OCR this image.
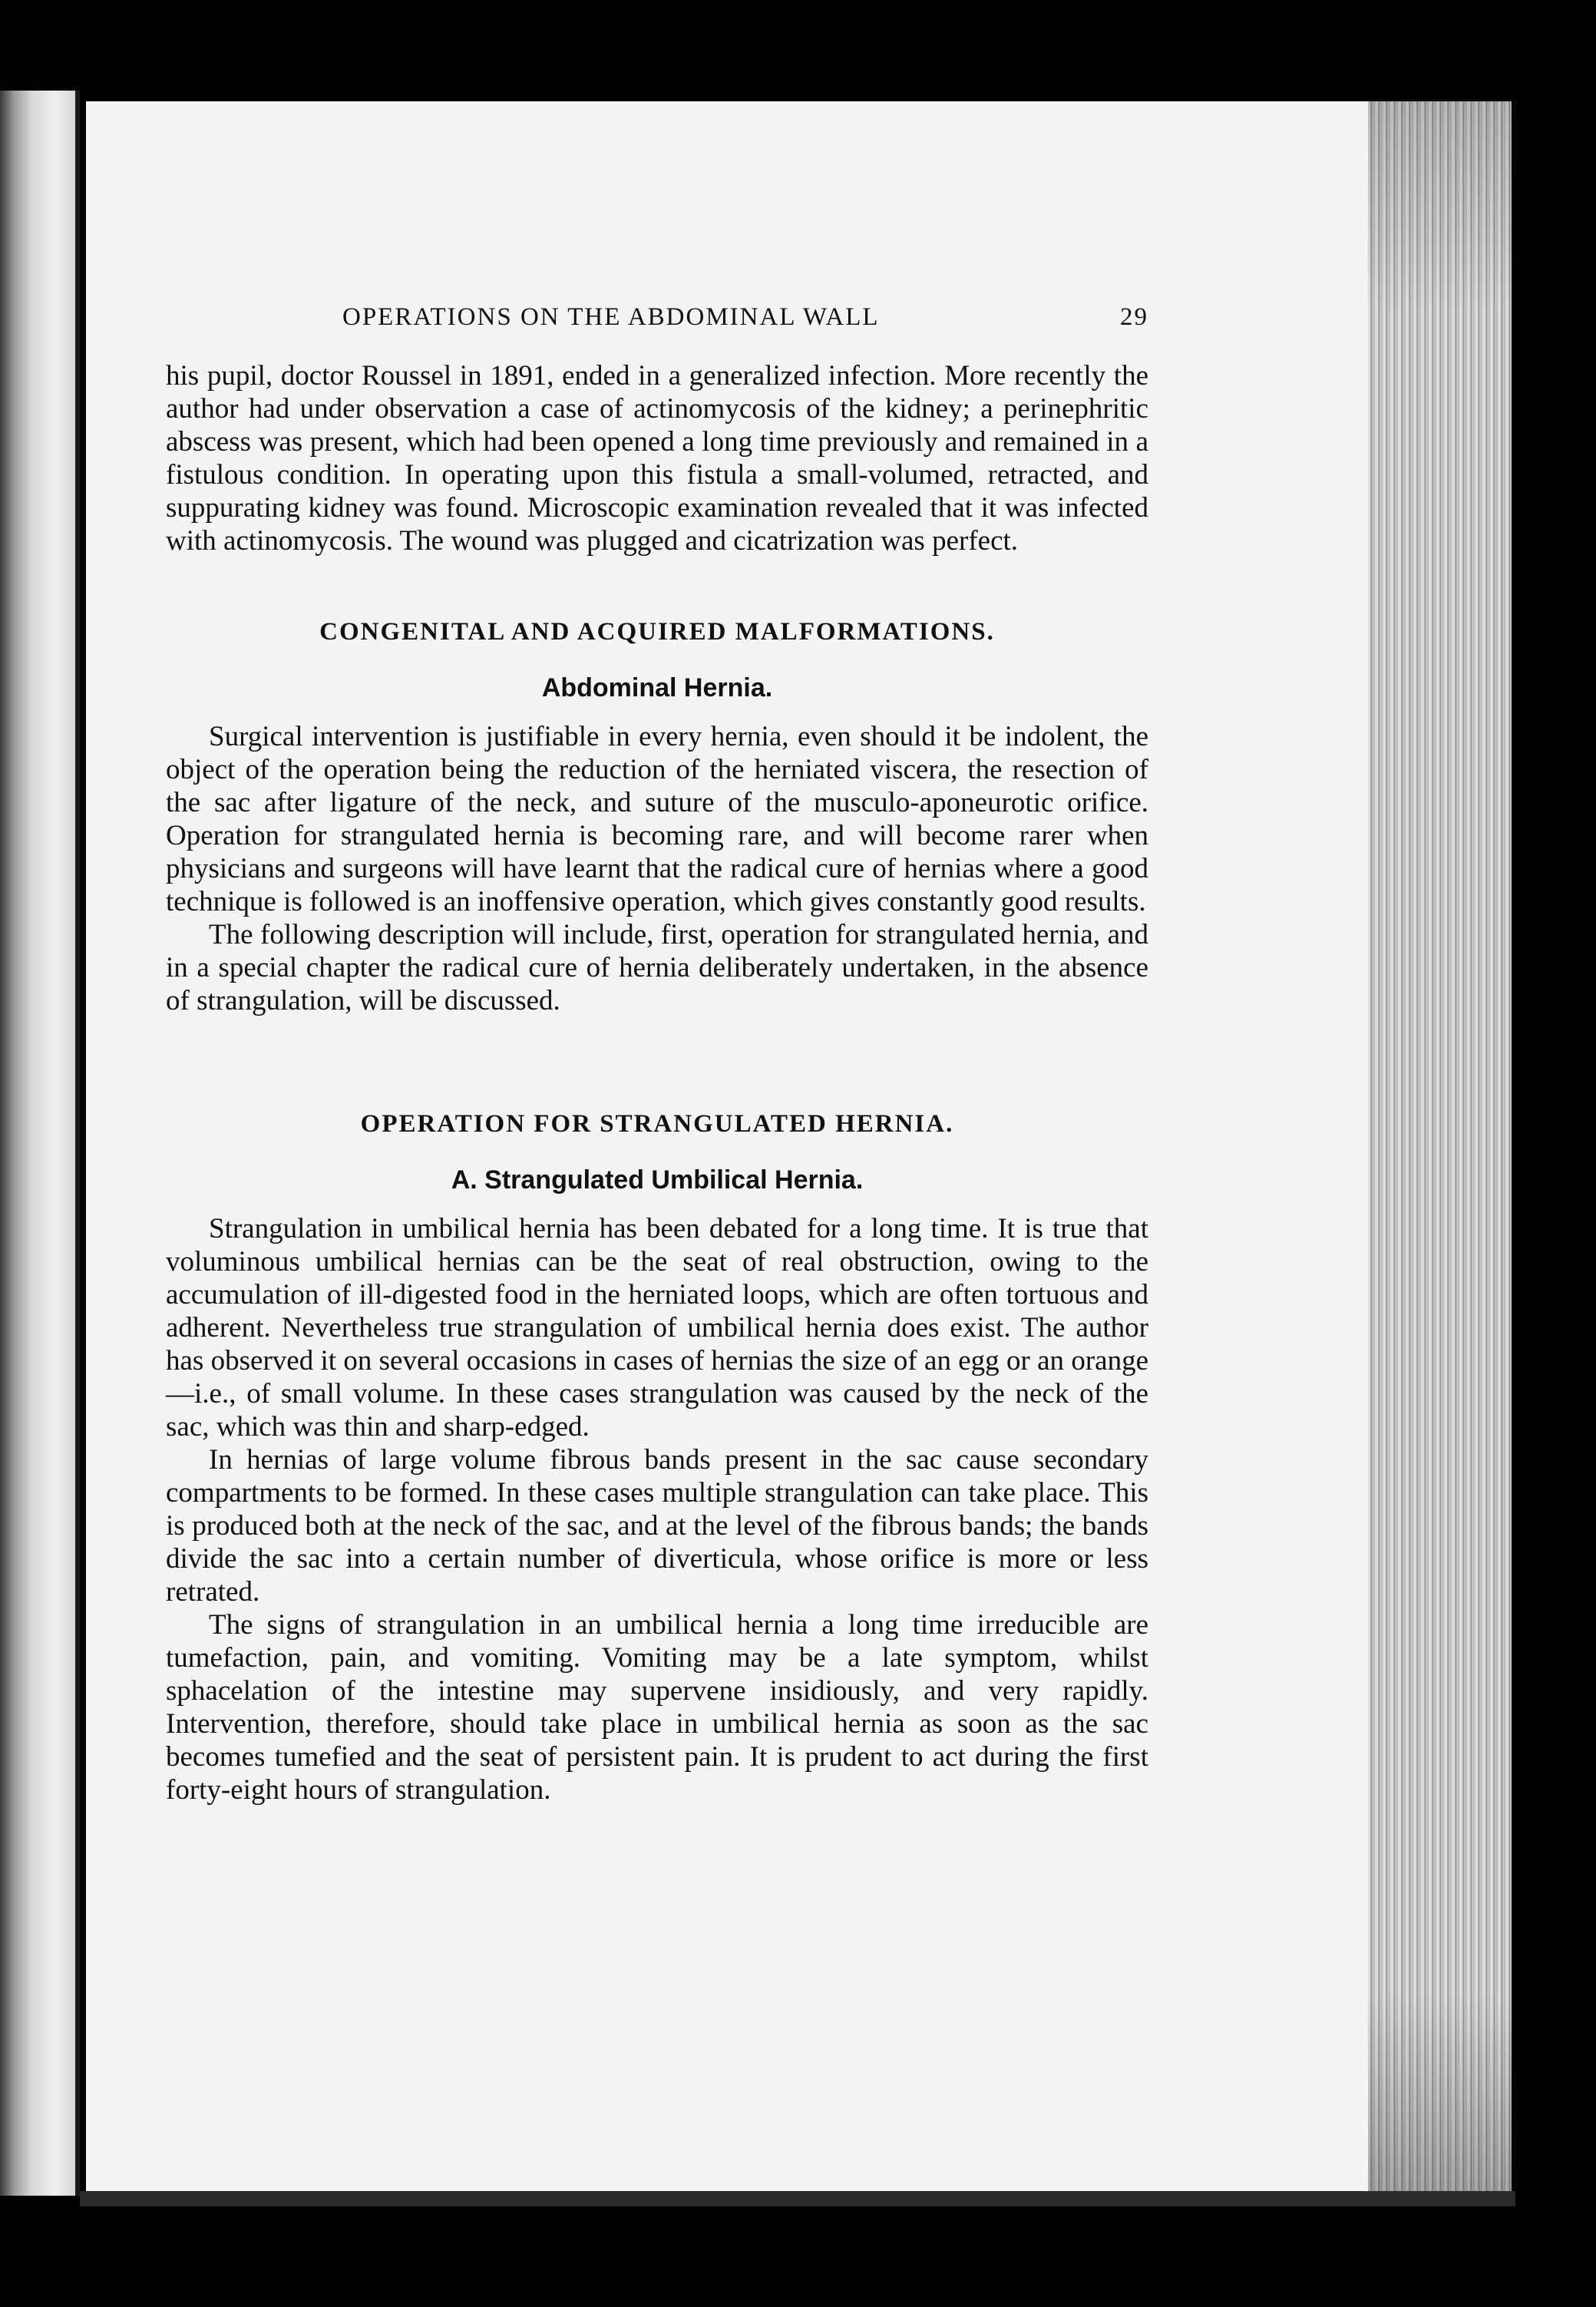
OPERATIONS ON THE ABDOMINAL WALL	29

his pupil, doctor Roussel in 1891, ended in a generalized infection. More recently the author had under observation a case of actinomycosis of the kidney; a perinephritic abscess was present, which had been opened a long time previously and remained in a fistulous condition. In operating upon this fistula a small-volumed, retracted, and suppurating kidney was found. Microscopic examination revealed that it was infected with actinomycosis. The wound was plugged and cicatrization was perfect.

CONGENITAL AND ACQUIRED MALFORMATIONS.
Abdominal Hernia.

Surgical intervention is justifiable in every hernia, even should it be indolent, the object of the operation being the reduction of the herniated viscera, the resection of the sac after ligature of the neck, and suture of the musculo-aponeurotic orifice. Operation for strangulated hernia is becoming rare, and will become rarer when physicians and surgeons will have learnt that the radical cure of hernias where a good technique is followed is an inoffensive operation, which gives constantly good results.

The following description will include, first, operation for strangulated hernia, and in a special chapter the radical cure of hernia deliberately undertaken, in the absence of strangulation, will be discussed.

OPERATION FOR STRANGULATED HERNIA.
A. Strangulated Umbilical Hernia.

Strangulation in umbilical hernia has been debated for a long time. It is true that voluminous umbilical hernias can be the seat of real obstruction, owing to the accumulation of ill-digested food in the herniated loops, which are often tortuous and adherent. Nevertheless true strangulation of umbilical hernia does exist. The author has observed it on several occasions in cases of hernias the size of an egg or an orange—i.e., of small volume. In these cases strangulation was caused by the neck of the sac, which was thin and sharp-edged.

In hernias of large volume fibrous bands present in the sac cause secondary compartments to be formed. In these cases multiple strangulation can take place. This is produced both at the neck of the sac, and at the level of the fibrous bands; the bands divide the sac into a certain number of diverticula, whose orifice is more or less retrated.

The signs of strangulation in an umbilical hernia a long time irreducible are tumefaction, pain, and vomiting. Vomiting may be a late symptom, whilst sphacelation of the intestine may supervene insidiously, and very rapidly. Intervention, therefore, should take place in umbilical hernia as soon as the sac becomes tumefied and the seat of persistent pain. It is prudent to act during the first forty-eight hours of strangulation.
